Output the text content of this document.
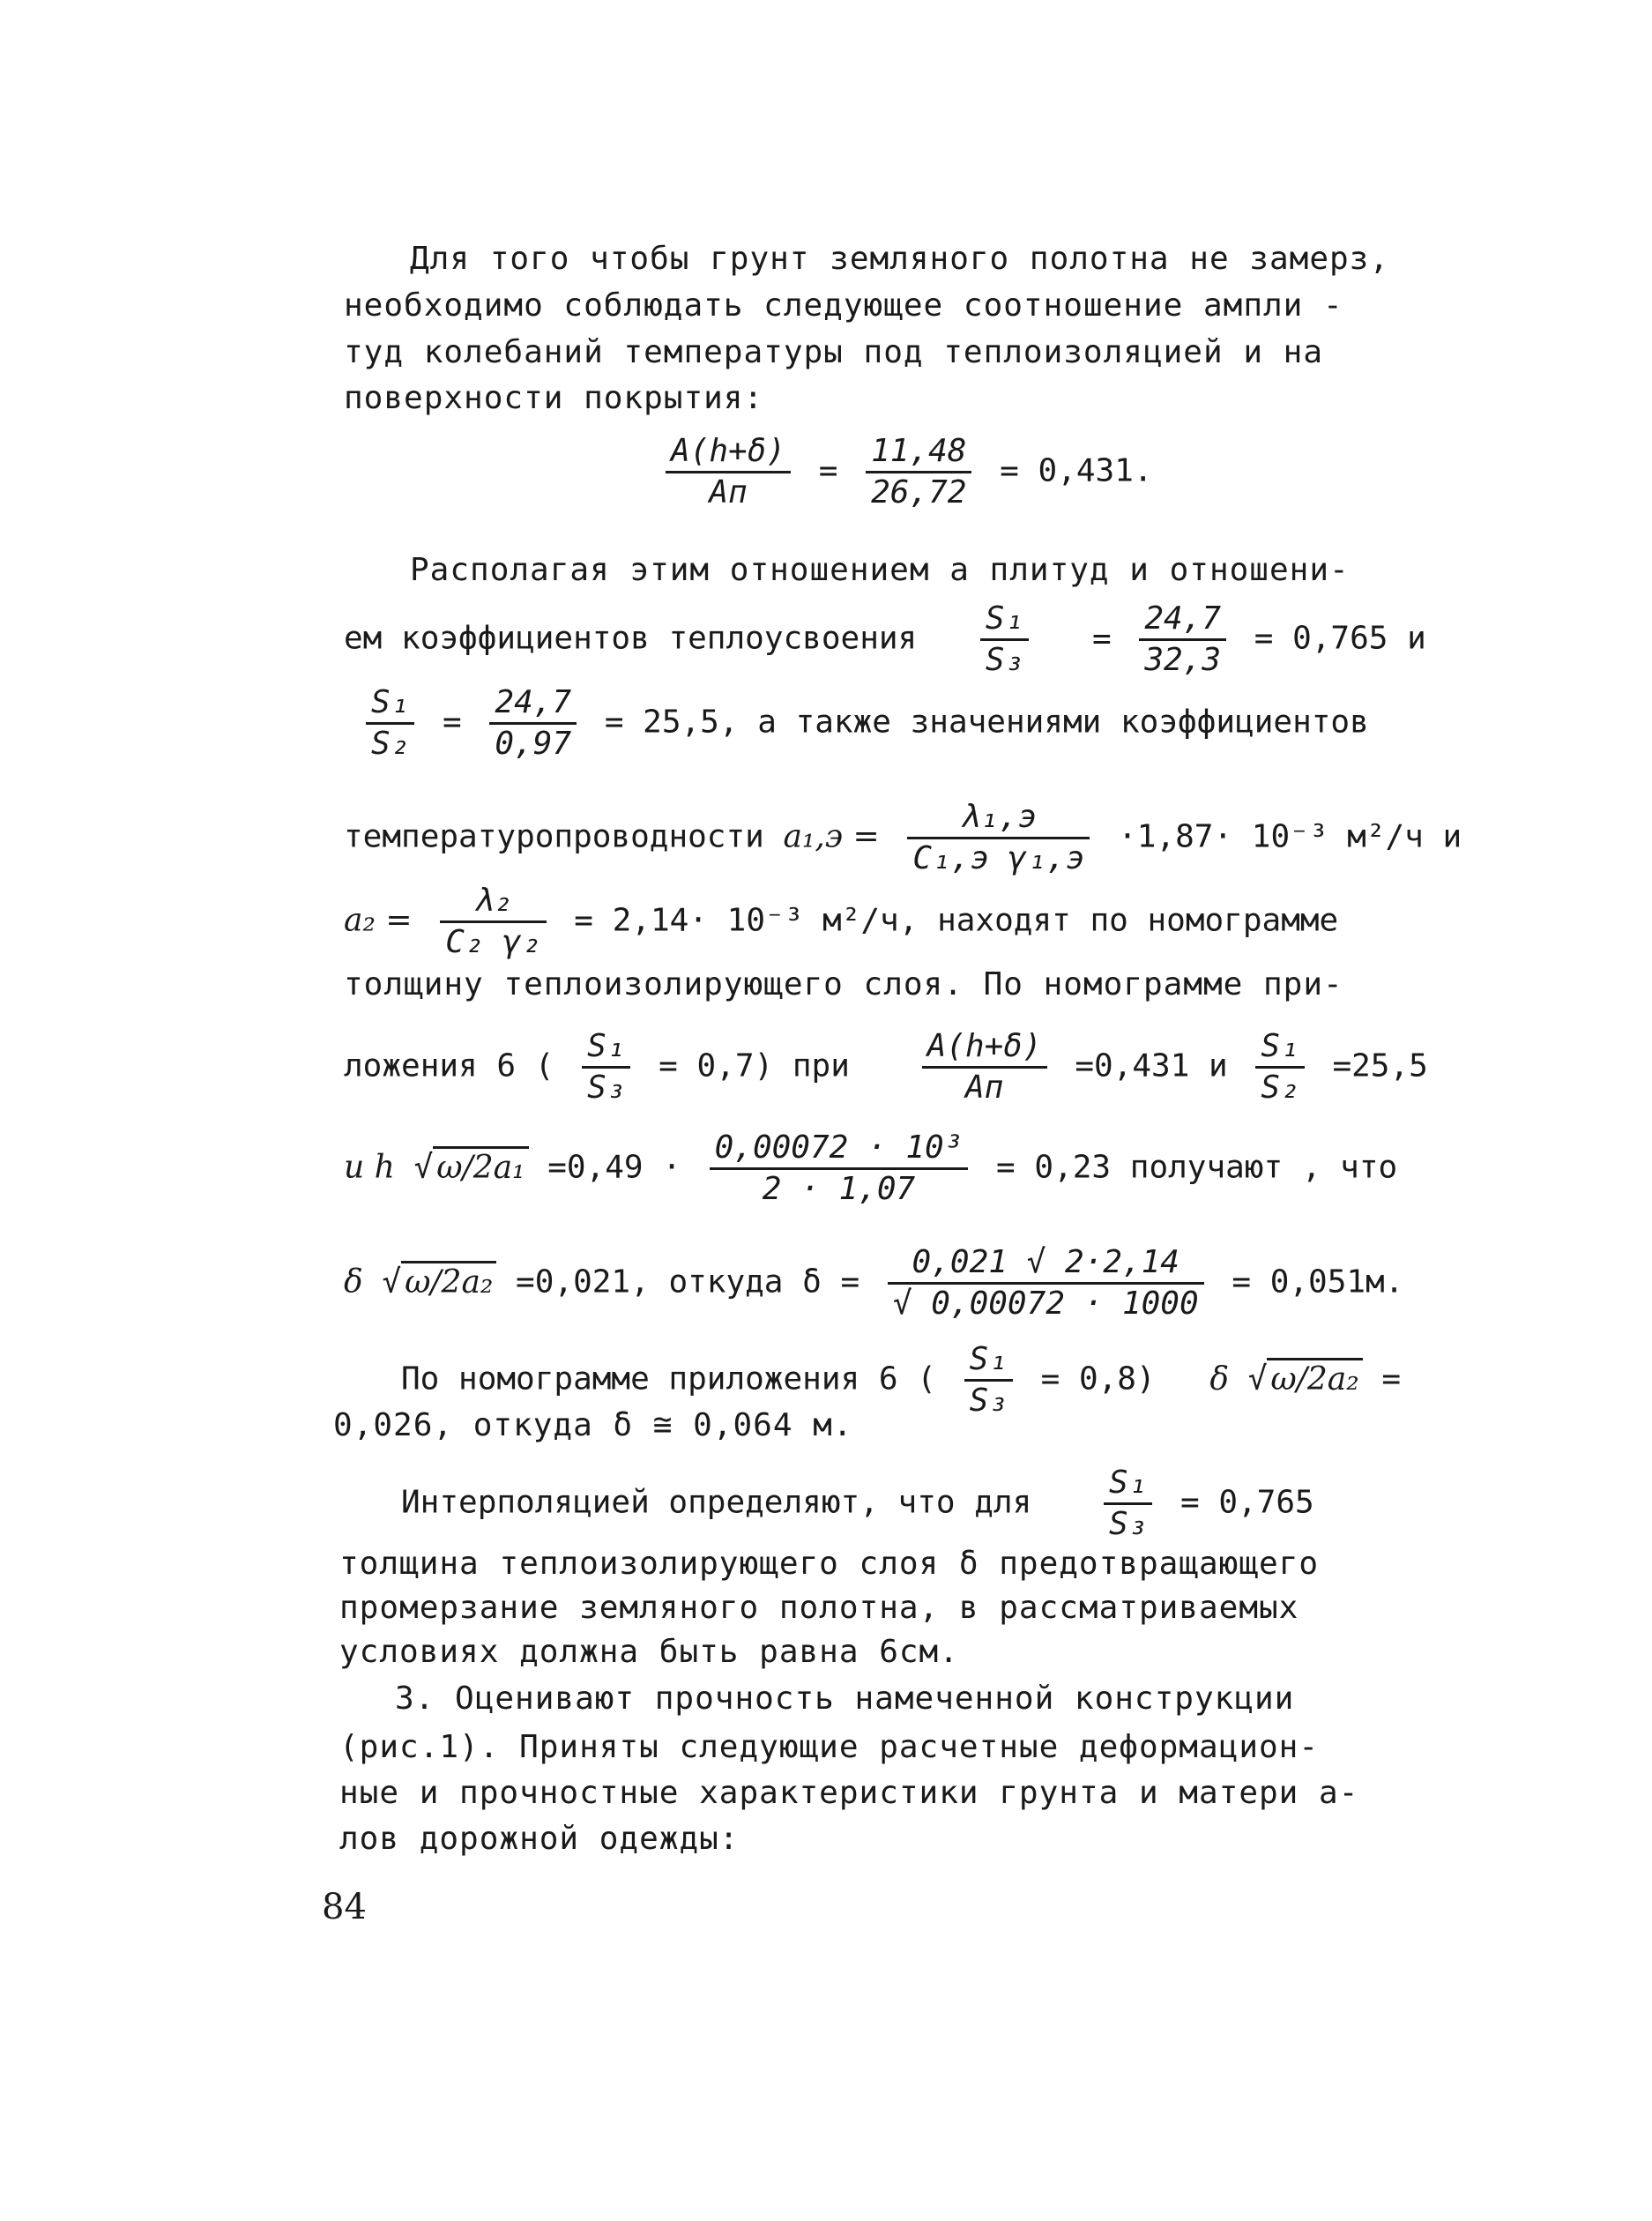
Для того чтобы грунт земляного полотна не замерз,

необходимо соблюдать следующее соотношение ампли -

туд колебаний температуры под теплоизоляцией и на

поверхности покрытия:

$\frac{A(h+\delta)}{Aп} = \frac{11,48}{26,72} = 0,431$.

Располагая этим отношением а плитуд и отношени-

ем коэффициентов теплоусвоения $\frac{\text{S₁}}{\text{S₃}} = \frac{24,7}{32,3} = 0,765$ и
$\frac{\text{S₁}}{\text{S₂}} = \frac{24,7}{0,97} = 25,5$, а также значениями коэффициентов
температуропроводности $a_1,э = \frac{\text{λ₁,э}}{\text{C₁,э γ₁,э}} \cdot 1,87\cdot 10^{-3}$ м²/ч и
$a_2 = \frac{\text{λ₂}}{\text{C₂ γ₂}} = 2,14\cdot 10^{-3}$ м²/ч, находят по номограмме

толщину теплоизолирующего слоя. По номограмме при-

ложения 6 ( $\frac{\text{S₁}}{\text{S₃}} = 0,7$) при $\frac{A(h+\delta)}{Aп} =0,431$ и $\frac{\text{S₁}}{\text{S₂}} =25,5$
и h √ $\omega/2a_1 =0,49 \cdot \frac{\text{0,00072 · 10³}}{2 \cdot 1,07} = 0,23$ получают , что
δ √ ω/2a₂ =0,021, откуда $\delta = \frac{0,021 √ 2\cdot 2,14}{√ 0,00072 \cdot 1000} = 0,051м$.
По номограмме приложения 6 ( $\frac{\text{S₁}}{\text{S₃}} = 0,8$) δ √ ω/2a₂ =

0,026, откуда δ ≅ 0,064 м.

Интерполяцией определяют, что для $\frac{\text{S₁}}{\text{S₃}} = 0,765$

толщина теплоизолирующего слоя δ предотвращающего

промерзание земляного полотна, в рассматриваемых

условиях должна быть равна 6см.

3. Оценивают прочность намеченной конструкции

(рис.1). Приняты следующие расчетные деформацион-

ные и прочностные характеристики грунта и матери а-

лов дорожной одежды:

84
